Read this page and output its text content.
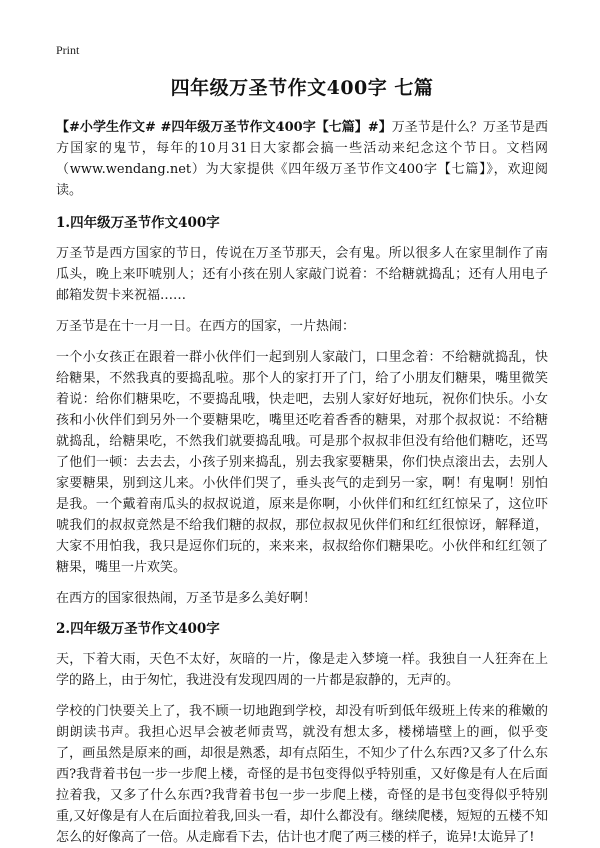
Print
四年级万圣节作文400字 七篇

【#小学生作文# #四年级万圣节作文400字【七篇】#】万圣节是什么？万圣节是西方国家的鬼节，每年的10月31日大家都会搞一些活动来纪念这个节日。文档网（www.wendang.net）为大家提供《四年级万圣节作文400字【七篇】》，欢迎阅读。

1.四年级万圣节作文400字

万圣节是西方国家的节日，传说在万圣节那天，会有鬼。所以很多人在家里制作了南瓜头，晚上来吓唬别人；还有小孩在别人家敲门说着：不给糖就捣乱；还有人用电子邮箱发贺卡来祝福……

万圣节是在十一月一日。在西方的国家，一片热闹：

一个小女孩正在跟着一群小伙伴们一起到别人家敲门，口里念着：不给糖就捣乱，快给糖果，不然我真的要捣乱啦。那个人的家打开了门，给了小朋友们糖果，嘴里微笑着说：给你们糖果吃，不要捣乱哦，快走吧，去别人家好好地玩，祝你们快乐。小女孩和小伙伴们到另外一个要糖果吃，嘴里还吃着香香的糖果，对那个叔叔说：不给糖就捣乱，给糖果吃，不然我们就要捣乱哦。可是那个叔叔非但没有给他们糖吃，还骂了他们一顿：去去去，小孩子别来捣乱，别去我家要糖果，你们快点滚出去，去别人家要糖果，别到这儿来。小伙伴们哭了，垂头丧气的走到另一家，啊！有鬼啊！别怕是我。一个戴着南瓜头的叔叔说道，原来是你啊，小伙伴们和红红红惊呆了，这位吓唬我们的叔叔竟然是不给我们糖的叔叔，那位叔叔见伙伴们和红红很惊讶，解释道，大家不用怕我，我只是逗你们玩的，来来来，叔叔给你们糖果吃。小伙伴和红红领了糖果，嘴里一片欢笑。

在西方的国家很热闹，万圣节是多么美好啊！

2.四年级万圣节作文400字

天，下着大雨，天色不太好，灰暗的一片，像是走入梦境一样。我独自一人狂奔在上学的路上，由于匆忙，我进没有发现四周的一片都是寂静的，无声的。

学校的门快要关上了，我不顾一切地跑到学校，却没有听到低年级班上传来的稚嫩的朗朗读书声。我担心迟早会被老师责骂，就没有想太多，楼梯墙壁上的画，似乎变了，画虽然是原来的画，却很是熟悉，却有点陌生，不知少了什么东西?又多了什么东西?我背着书包一步一步爬上楼，奇怪的是书包变得似乎特别重，又好像是有人在后面拉着我，又多了什么东西?我背着书包一步一步爬上楼，奇怪的是书包变得似乎特别重,又好像是有人在后面拉着我,回头一看，却什么都没有。继续爬楼，短短的五楼不知怎么的好像高了一倍。从走廊看下去，估计也才爬了两三楼的样子，诡异!太诡异了!
